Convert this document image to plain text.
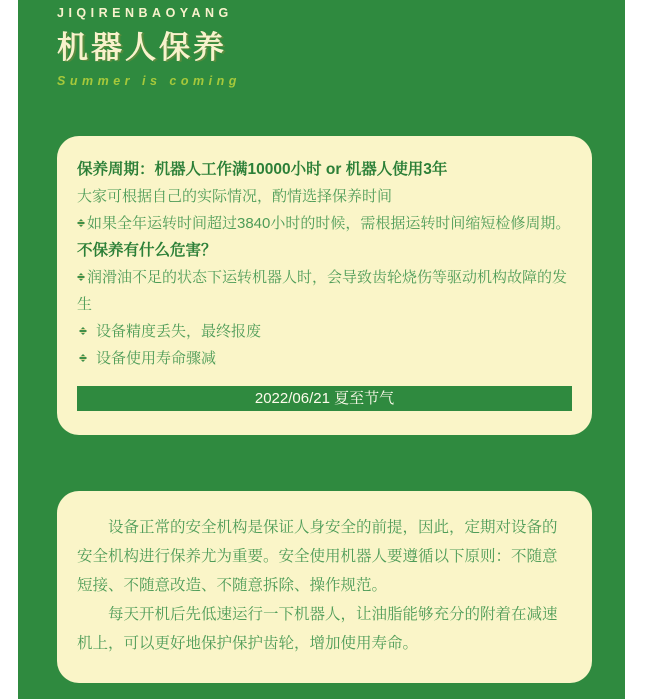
JIQIRENBAOYANG
机器人保养
Summer is coming
保养周期：机器人工作满10000小时 or 机器人使用3年
大家可根据自己的实际情况，酌情选择保养时间
如果全年运转时间超过3840小时的时候，需根据运转时间缩短检修周期。
不保养有什么危害？
润滑油不足的状态下运转机器人时，会导致齿轮烧伤等驱动机构故障的发生
设备精度丢失，最终报废
设备使用寿命骤减
2022/06/21 夏至节气

设备正常的安全机构是保证人身安全的前提，因此，定期对设备的安全机构进行保养尤为重要。安全使用机器人要遵循以下原则：不随意短接、不随意改造、不随意拆除、操作规范。

每天开机后先低速运行一下机器人，让油脂能够充分的附着在减速机上，可以更好地保护保护齿轮，增加使用寿命。
